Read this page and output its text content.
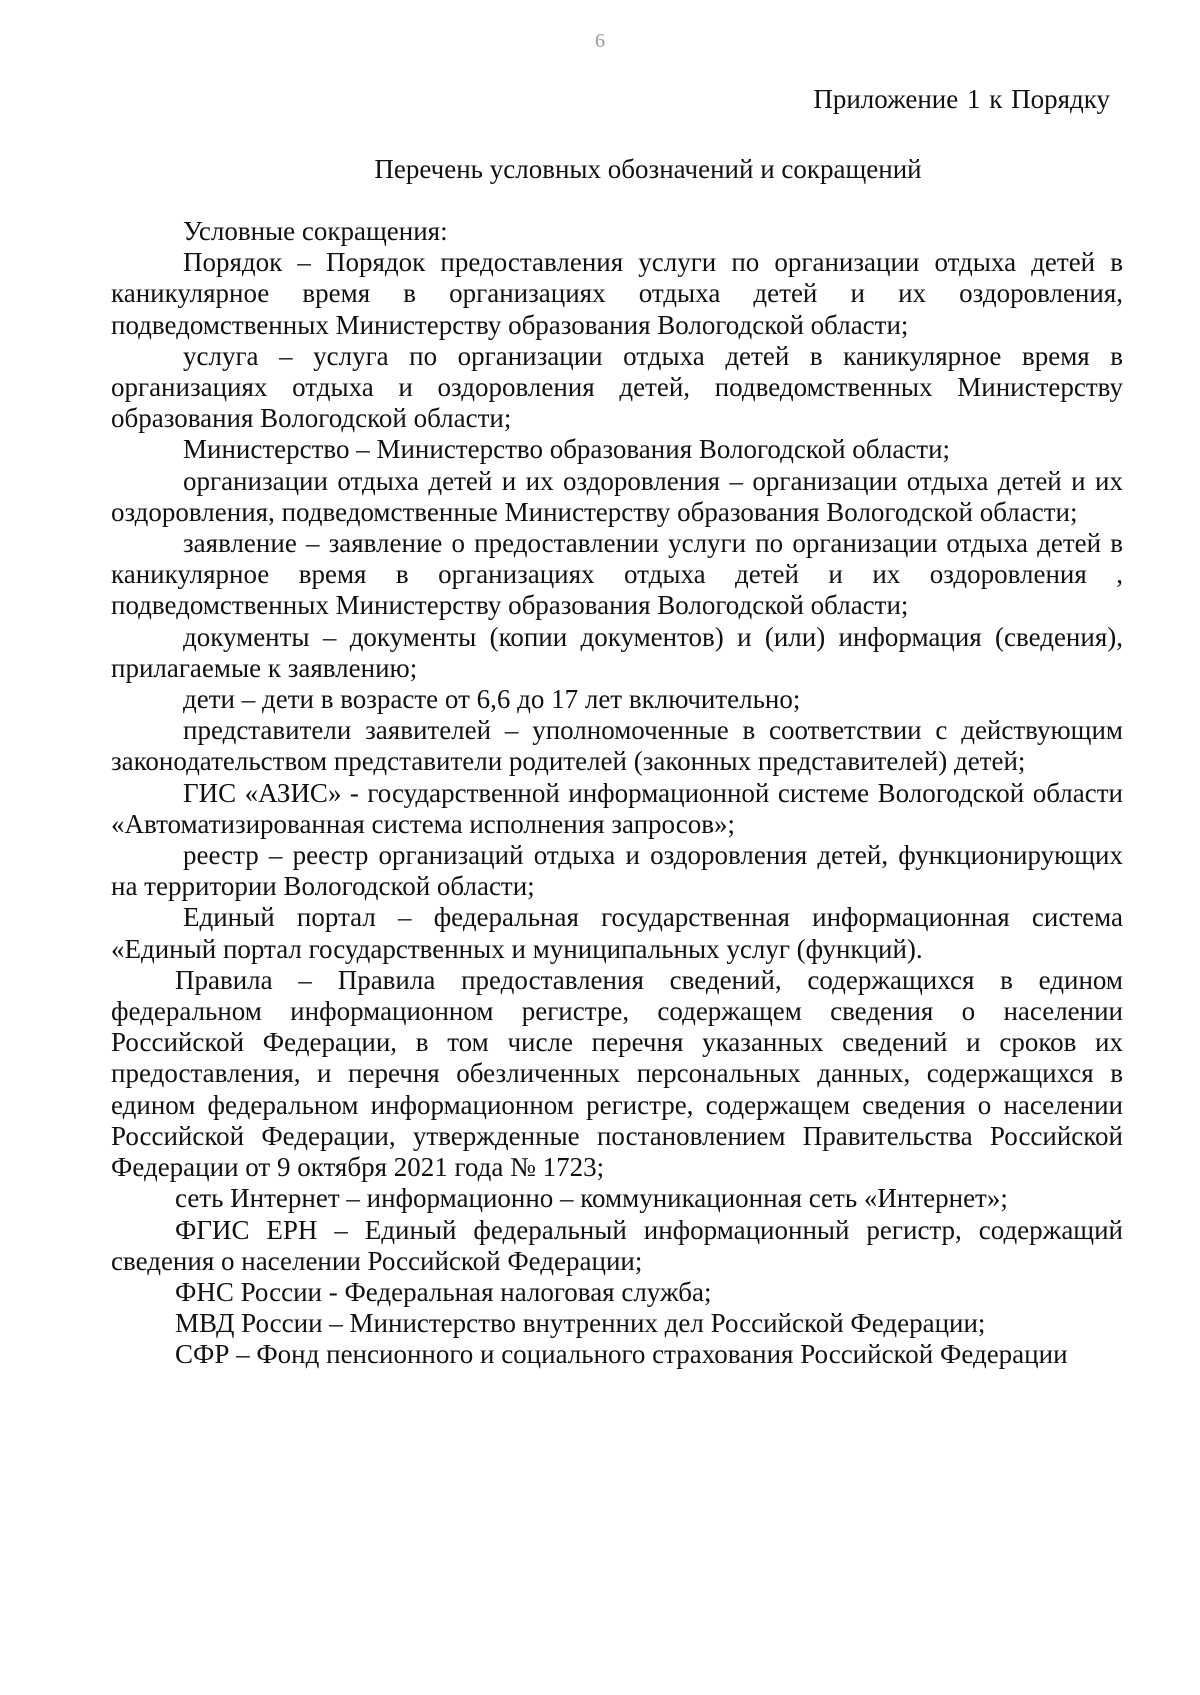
6
Приложение 1 к Порядку
Перечень условных обозначений и сокращений
Условные сокращения:
Порядок – Порядок предоставления услуги по организации отдыха детей в каникулярное время в организациях отдыха детей и их оздоровления, подведомственных Министерству образования Вологодской области;
услуга – услуга по организации отдыха детей в каникулярное время в организациях отдыха и оздоровления детей, подведомственных Министерству образования Вологодской области;
Министерство – Министерство образования Вологодской области;
организации отдыха детей и их оздоровления – организации отдыха детей и их оздоровления, подведомственные Министерству образования Вологодской области;
заявление – заявление о предоставлении услуги по организации отдыха детей в каникулярное время в организациях отдыха детей и их оздоровления , подведомственных Министерству образования Вологодской области;
документы – документы (копии документов) и (или) информация (сведения), прилагаемые к заявлению;
дети – дети в возрасте от 6,6 до 17 лет включительно;
представители заявителей – уполномоченные в соответствии с действующим законодательством представители родителей (законных представителей) детей;
ГИС «АЗИС» - государственной информационной системе Вологодской области «Автоматизированная система исполнения запросов»;
реестр – реестр организаций отдыха и оздоровления детей, функционирующих на территории Вологодской области;
Единый портал – федеральная государственная информационная система «Единый портал государственных и муниципальных услуг (функций).
Правила – Правила предоставления сведений, содержащихся в едином федеральном информационном регистре, содержащем сведения о населении Российской Федерации, в том числе перечня указанных сведений и сроков их предоставления, и перечня обезличенных персональных данных, содержащихся в едином федеральном информационном регистре, содержащем сведения о населении Российской Федерации, утвержденные постановлением Правительства Российской Федерации от 9 октября 2021 года № 1723;
сеть Интернет – информационно – коммуникационная сеть «Интернет»;
ФГИС ЕРН – Единый федеральный информационный регистр, содержащий сведения о населении Российской Федерации;
ФНС России - Федеральная налоговая служба;
МВД России – Министерство внутренних дел Российской Федерации;
СФР – Фонд пенсионного и социального страхования Российской Федерации
